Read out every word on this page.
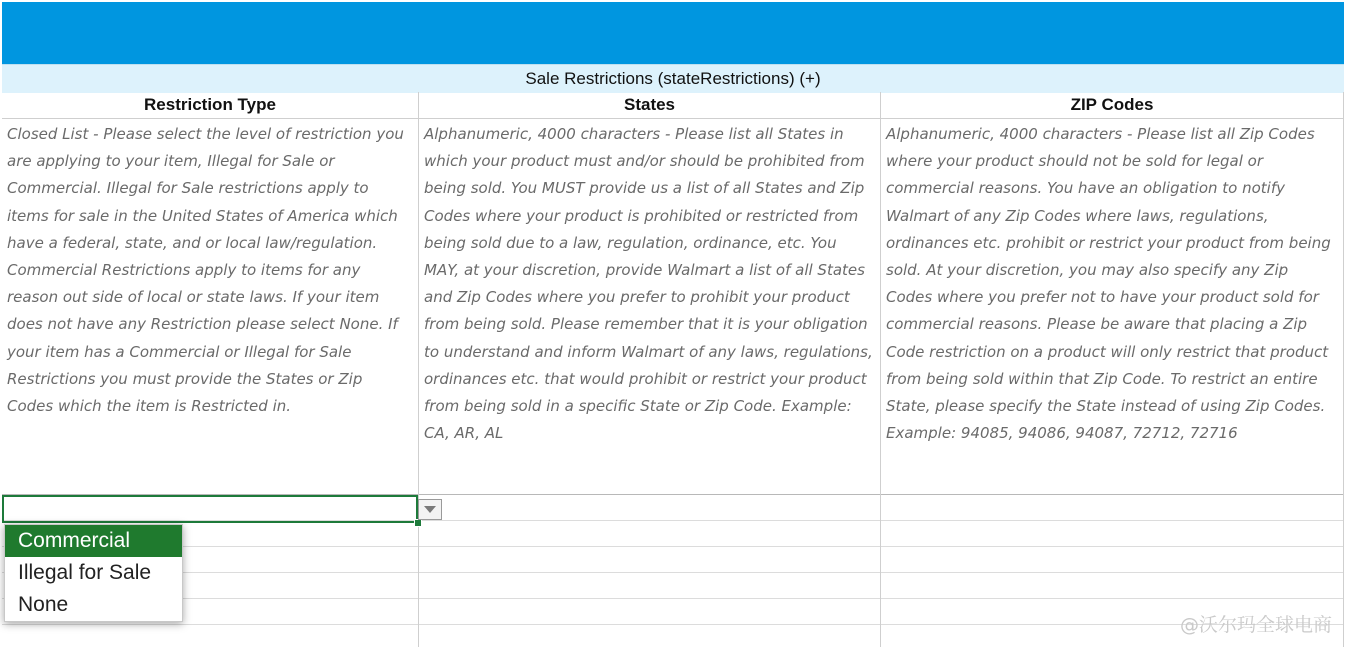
Sale Restrictions (stateRestrictions) (+)
Restriction Type
Closed List - Please select the level of restriction you are applying to your item, Illegal for Sale or Commercial. Illegal for Sale restrictions apply to items for sale in the United States of America which have a federal, state, and or local law/regulation. Commercial Restrictions apply to items for any reason out side of local or state laws. If your item does not have any Restriction please select None. If your item has a Commercial or Illegal for Sale Restrictions you must provide the States or Zip Codes which the item is Restricted in.
States
Alphanumeric, 4000 characters - Please list all States in which your product must and/or should be prohibited from being sold. You MUST provide us a list of all States and Zip Codes where your product is prohibited or restricted from being sold due to a law, regulation, ordinance, etc. You MAY, at your discretion, provide Walmart a list of all States and Zip Codes where you prefer to prohibit your product from being sold. Please remember that it is your obligation to understand and inform Walmart of any laws, regulations, ordinances etc. that would prohibit or restrict your product from being sold in a specific State or Zip Code. Example: CA, AR, AL
ZIP Codes
Alphanumeric, 4000 characters - Please list all Zip Codes where your product should not be sold for legal or commercial reasons. You have an obligation to notify Walmart of any Zip Codes where laws, regulations, ordinances etc. prohibit or restrict your product from being sold. At your discretion, you may also specify any Zip Codes where you prefer not to have your product sold for commercial reasons. Please be aware that placing a Zip Code restriction on a product will only restrict that product from being sold within that Zip Code. To restrict an entire State, please specify the State instead of using Zip Codes. Example: 94085, 94086, 94087, 72712, 72716
Commercial
Illegal for Sale
None
@沃尔玛全球电商
